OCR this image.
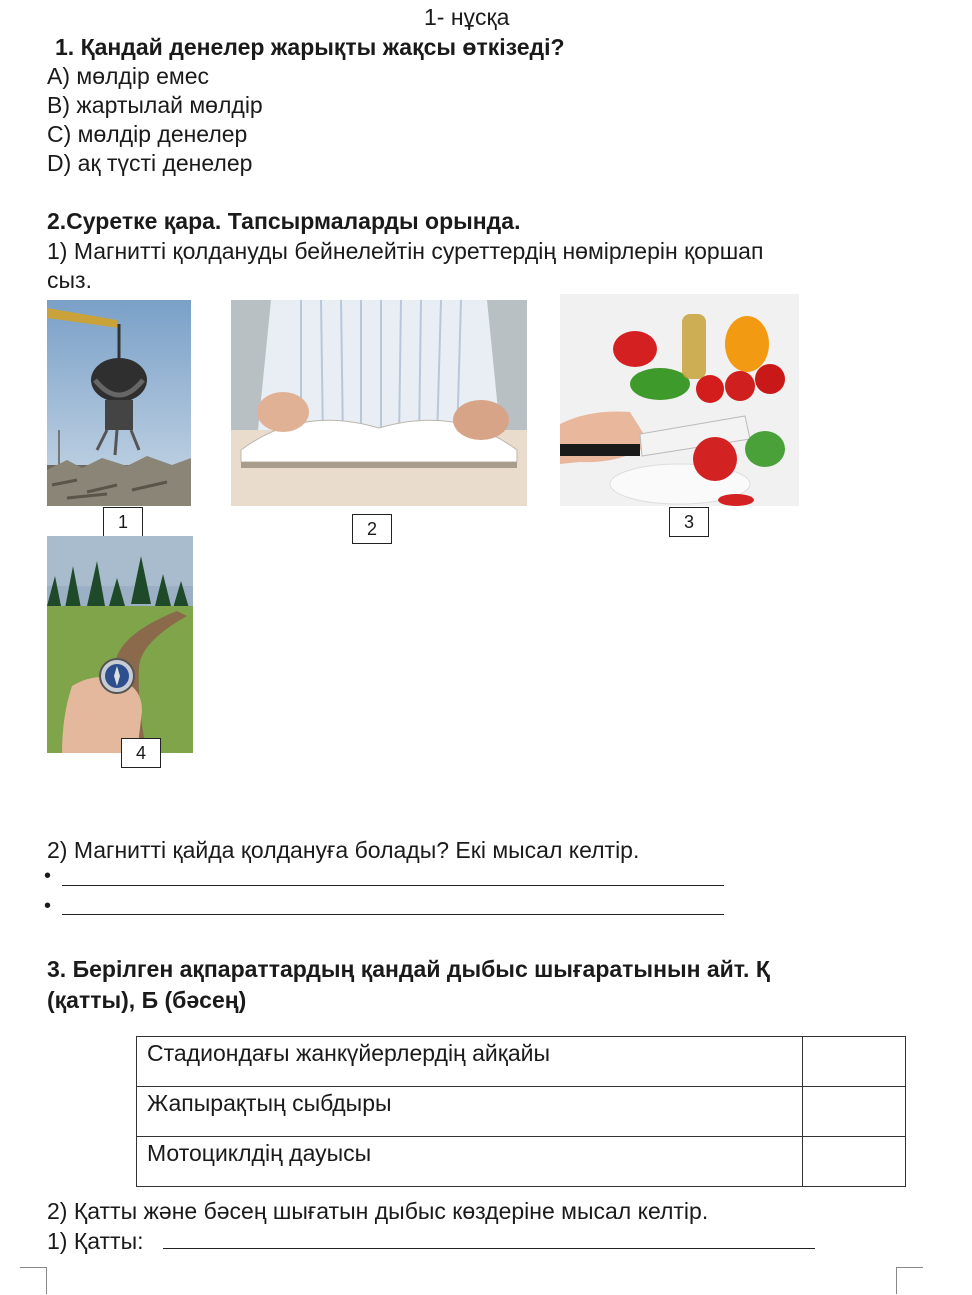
1- нұсқа
1. Қандай денелер жарықты жақсы өткізеді?
А) мөлдір емес
В) жартылай мөлдір
С) мөлдір денелер
D) ақ түсті денелер
2.Суретке қара. Тапсырмаларды орында.
1) Магнитті қолдануды бейнелейтін суреттердің нөмірлерін қоршап
сыз.
1	2	3
4
2) Магнитті қайда қолдануға болады? Екі мысал келтір.
•
•
3. Берілген ақпараттардың қандай дыбыс шығаратынын айт. Қ
(қатты), Б (бәсең)
Стадиондағы жанкүйерлердің айқайы	
Жапырақтың сыбдыры	
Мотоциклдің дауысы	
2) Қатты және бәсең шығатын дыбыс көздеріне мысал келтір.
1) Қатты:
